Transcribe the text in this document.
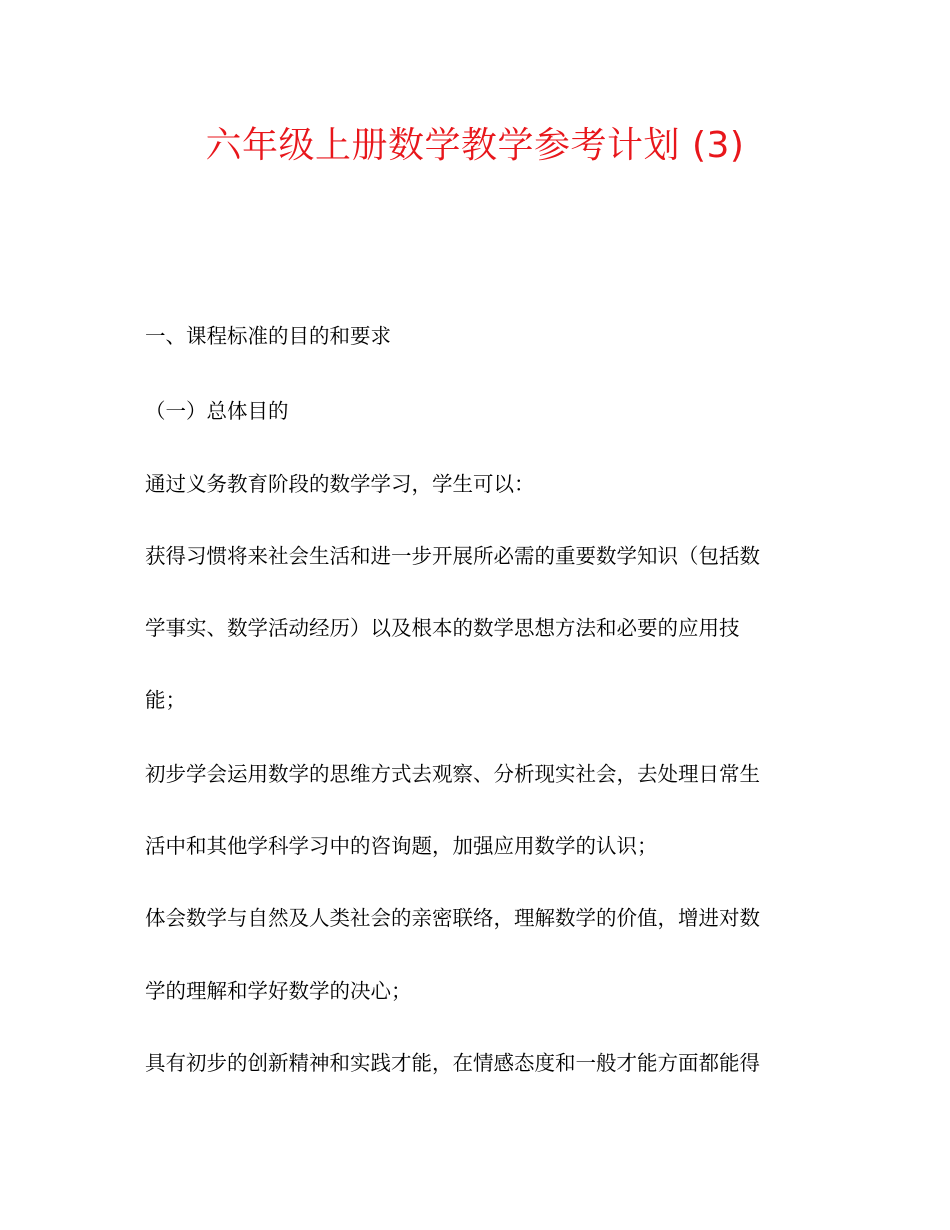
六年级上册数学教学参考计划 (3)

一、课程标准的目的和要求

（一）总体目的

通过义务教育阶段的数学学习，学生可以：

获得习惯将来社会生活和进一步开展所必需的重要数学知识（包括数

学事实、数学活动经历）以及根本的数学思想方法和必要的应用技

能；

初步学会运用数学的思维方式去观察、分析现实社会，去处理日常生

活中和其他学科学习中的咨询题，加强应用数学的认识；

体会数学与自然及人类社会的亲密联络，理解数学的价值，增进对数

学的理解和学好数学的决心；

具有初步的创新精神和实践才能，在情感态度和一般才能方面都能得
